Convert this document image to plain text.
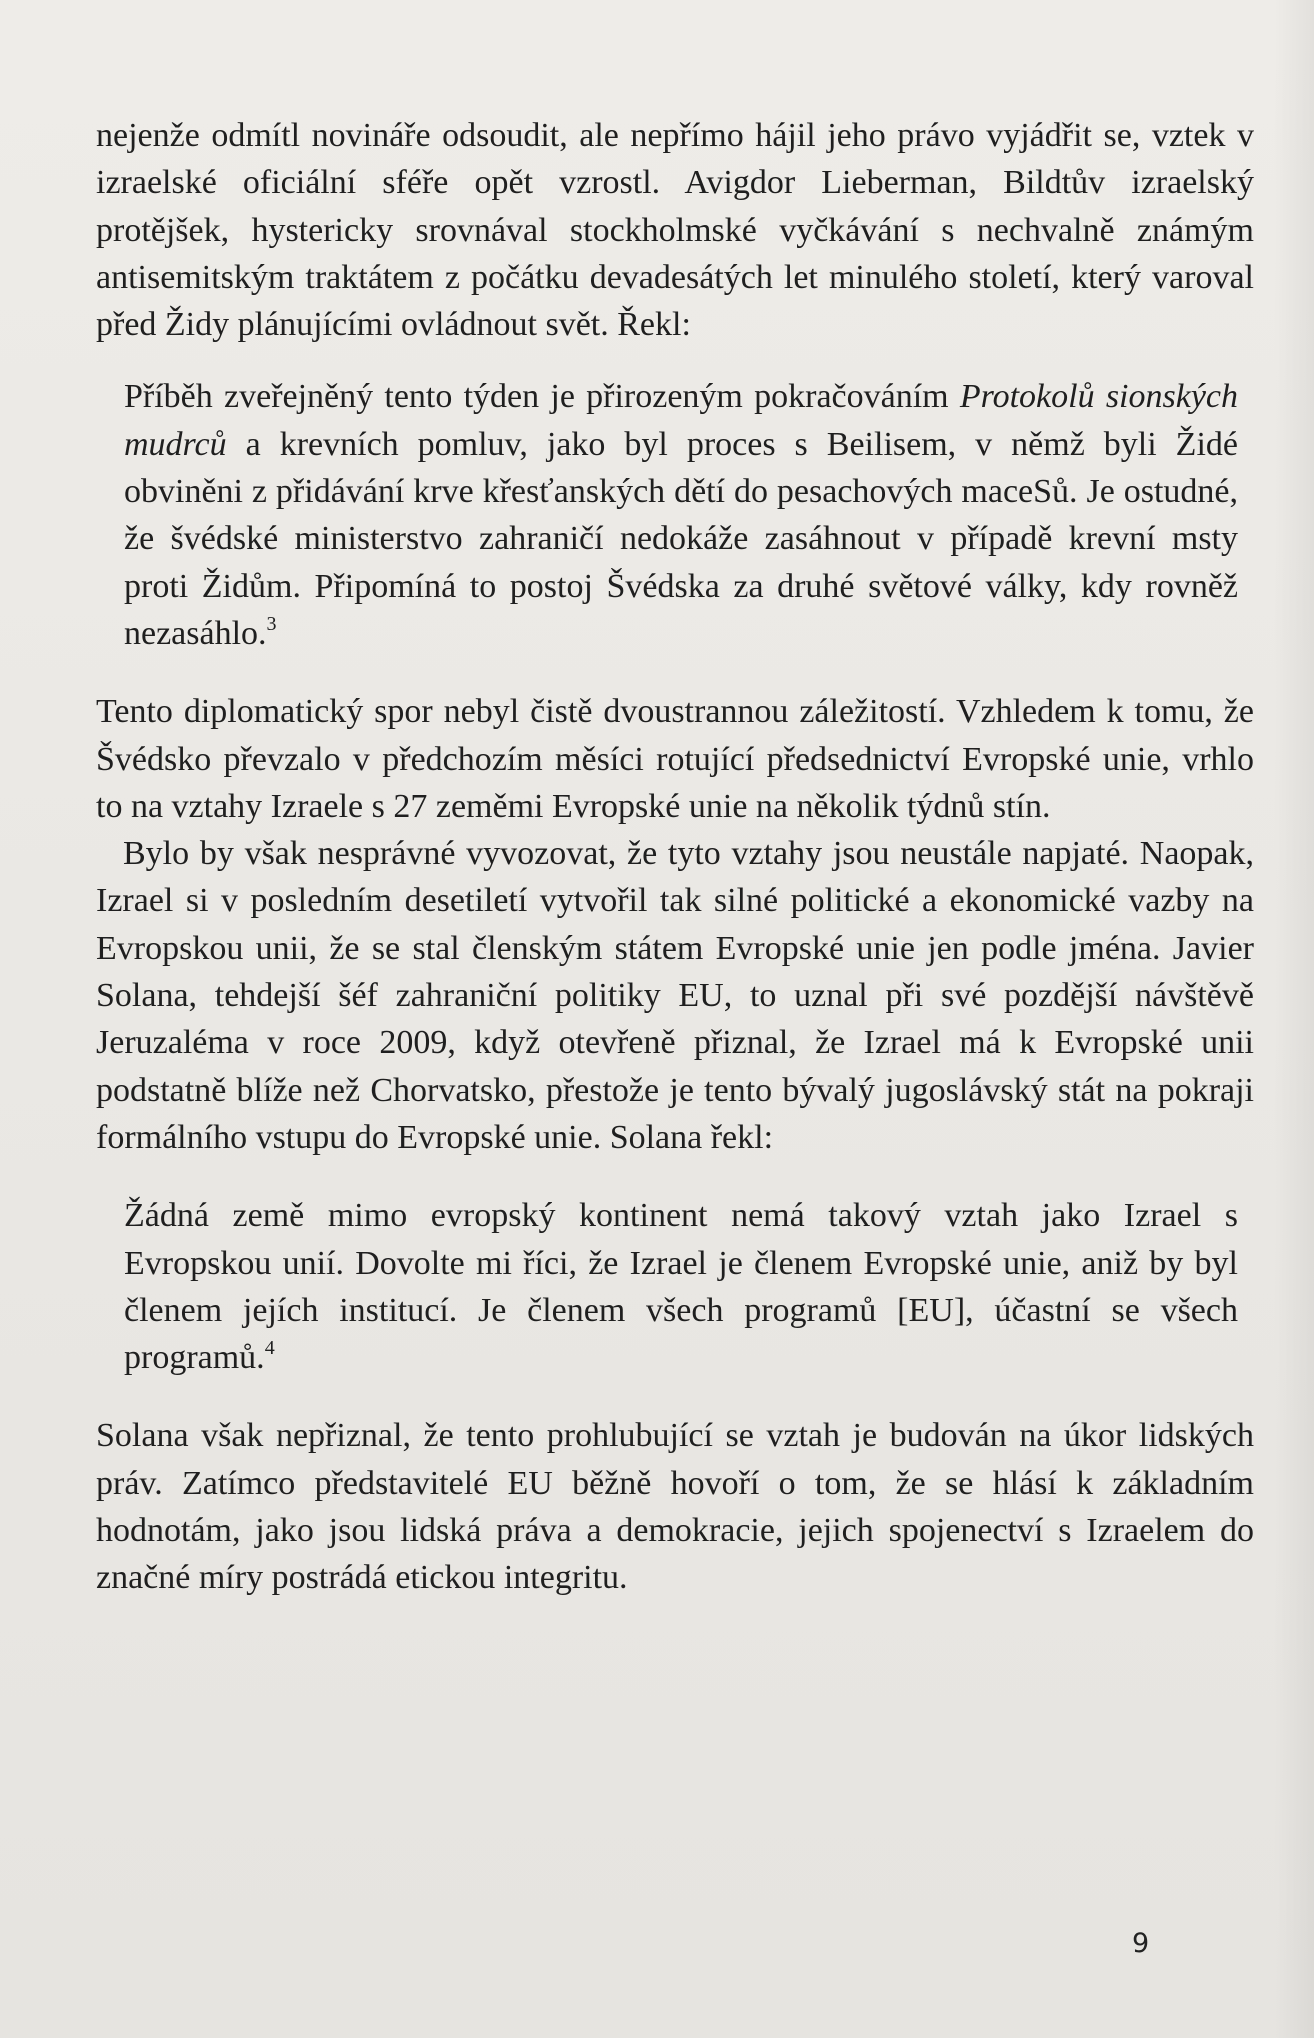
nejenže odmítl novináře odsoudit, ale nepřímo hájil jeho právo vyjádřit se, vztek v izraelské oficiální sféře opět vzrostl. Avigdor Lieberman, Bildtův izraelský protějšek, hystericky srovnával stockholmské vyčkávání s nechvalně známým antisemitským traktátem z počátku devadesátých let minulého století, který varoval před Židy plánujícími ovládnout svět. Řekl:

Příběh zveřejněný tento týden je přirozeným pokračováním Protokolů sionských mudrců a krevních pomluv, jako byl proces s Beilisem, v němž byli Židé obviněni z přidávání krve křesťanských dětí do pesachových maceSů. Je ostudné, že švédské ministerstvo zahraničí nedokáže zasáhnout v případě krevní msty proti Židům. Připomíná to postoj Švédska za druhé světové války, kdy rovněž nezasáhlo.$^3$

Tento diplomatický spor nebyl čistě dvoustrannou záležitostí. Vzhledem k tomu, že Švédsko převzalo v předchozím měsíci rotující předsednictví Evropské unie, vrhlo to na vztahy Izraele s 27 zeměmi Evropské unie na několik týdnů stín.

Bylo by však nesprávné vyvozovat, že tyto vztahy jsou neustále napjaté. Naopak, Izrael si v posledním desetiletí vytvořil tak silné politické a ekonomické vazby na Evropskou unii, že se stal členským státem Evropské unie jen podle jména. Javier Solana, tehdejší šéf zahraniční politiky EU, to uznal při své pozdější návštěvě Jeruzaléma v roce 2009, když otevřeně přiznal, že Izrael má k Evropské unii podstatně blíže než Chorvatsko, přestože je tento bývalý jugoslávský stát na pokraji formálního vstupu do Evropské unie. Solana řekl:

Žádná země mimo evropský kontinent nemá takový vztah jako Izrael s Evropskou unií. Dovolte mi říci, že Izrael je členem Evropské unie, aniž by byl členem jejích institucí. Je členem všech programů [EU], účastní se všech programů.$^4$

Solana však nepřiznal, že tento prohlubující se vztah je budován na úkor lidských práv. Zatímco představitelé EU běžně hovoří o tom, že se hlásí k základním hodnotám, jako jsou lidská práva a demokracie, jejich spojenectví s Izraelem do značné míry postrádá etickou integritu.

9
